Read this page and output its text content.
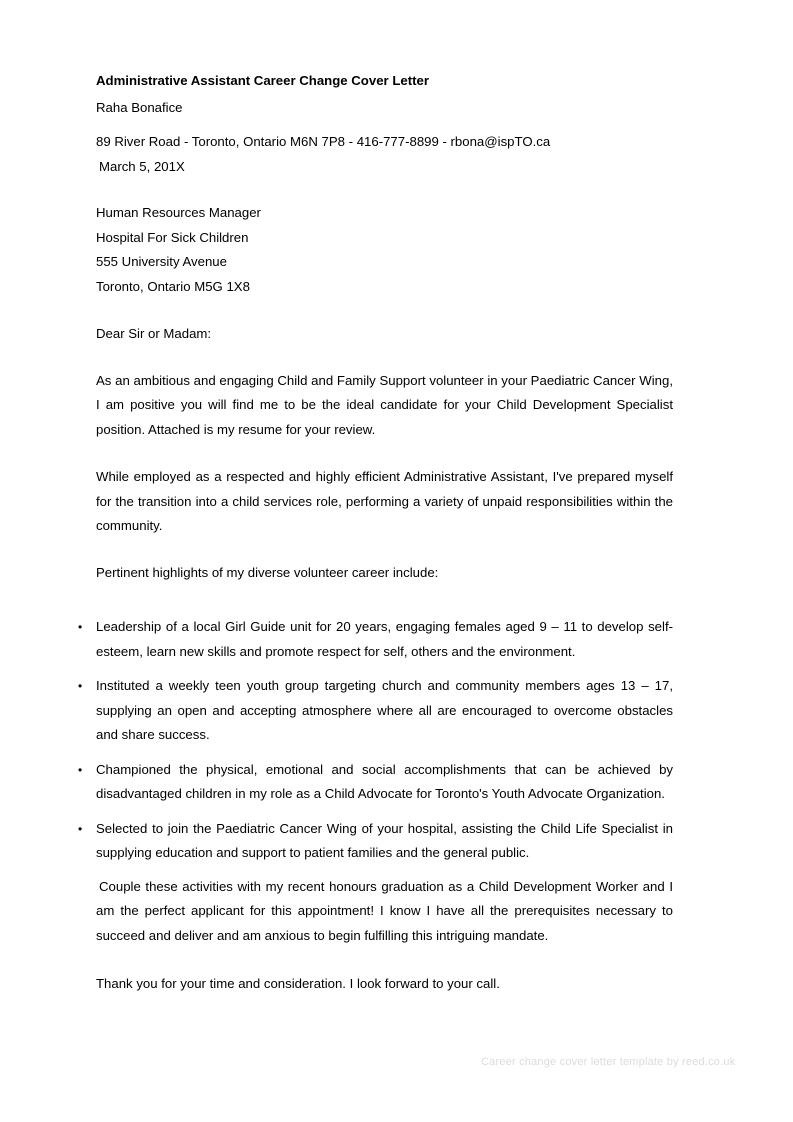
Administrative Assistant Career Change Cover Letter
Raha Bonafice
89 River Road - Toronto, Ontario M6N 7P8 - 416-777-8899 - rbona@ispTO.ca
March 5, 201X
Human Resources Manager
Hospital For Sick Children
555 University Avenue
Toronto, Ontario M5G 1X8
Dear Sir or Madam:
As an ambitious and engaging Child and Family Support volunteer in your Paediatric Cancer Wing, I am positive you will find me to be the ideal candidate for your Child Development Specialist position. Attached is my resume for your review.
While employed as a respected and highly efficient Administrative Assistant, I've prepared myself for the transition into a child services role, performing a variety of unpaid responsibilities within the community.
Pertinent highlights of my diverse volunteer career include:
•	Leadership of a local Girl Guide unit for 20 years, engaging females aged 9 – 11 to develop self-esteem, learn new skills and promote respect for self, others and the environment.
•	Instituted a weekly teen youth group targeting church and community members ages 13 – 17, supplying an open and accepting atmosphere where all are encouraged to overcome obstacles and share success.
•	Championed the physical, emotional and social accomplishments that can be achieved by disadvantaged children in my role as a Child Advocate for Toronto's Youth Advocate Organization.
•	Selected to join the Paediatric Cancer Wing of your hospital, assisting the Child Life Specialist in supplying education and support to patient families and the general public.
Couple these activities with my recent honours graduation as a Child Development Worker and I am the perfect applicant for this appointment! I know I have all the prerequisites necessary to succeed and deliver and am anxious to begin fulfilling this intriguing mandate.
Thank you for your time and consideration. I look forward to your call.
Career change cover letter template by reed.co.uk
